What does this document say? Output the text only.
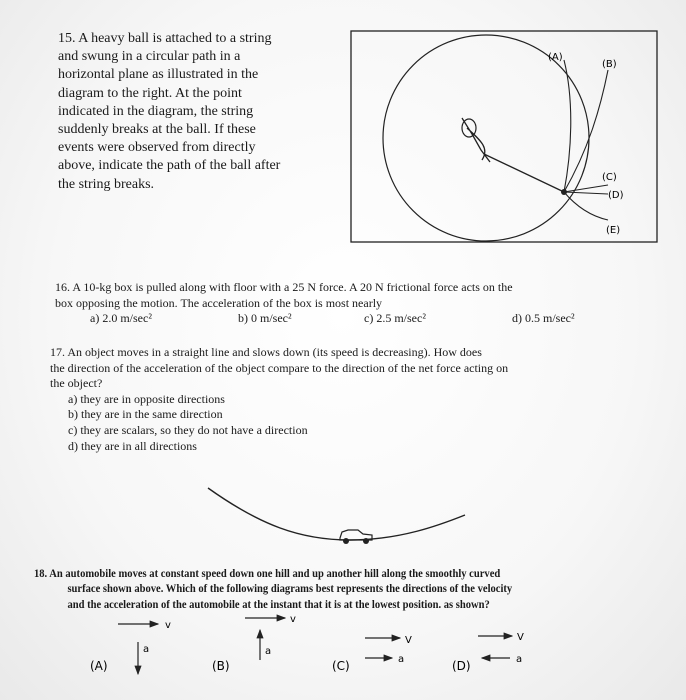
15. A heavy ball is attached to a string
and swung in a circular path in a
horizontal plane as illustrated in the
diagram to the right. At the point
indicated in the diagram, the string
suddenly breaks at the ball. If these
events were observed from directly
above, indicate the path of the ball after
the string breaks.
(A)
(B)
(C)
(D)
(E)
16. A 10-kg box is pulled along with floor with a 25 N force. A 20 N frictional force acts on the
box opposing the motion. The acceleration of the box is most nearly
a) 2.0 m/sec²	b) 0 m/sec²	c) 2.5 m/sec²	d) 0.5 m/sec²
17. An object moves in a straight line and slows down (its speed is decreasing). How does
the direction of the acceleration of the object compare to the direction of the net force acting on
the object?
a) they are in opposite directions
b) they are in the same direction
c) they are scalars, so they do not have a direction
d) they are in all directions
18. An automobile moves at constant speed down one hill and up another hill along the smoothly curved
surface shown above. Which of the following diagrams best represents the directions of the velocity
and the acceleration of the automobile at the instant that it is at the lowest position. as shown?
v
a
(A)
v
a
(B)
V
a
(C)
V
a
(D)
